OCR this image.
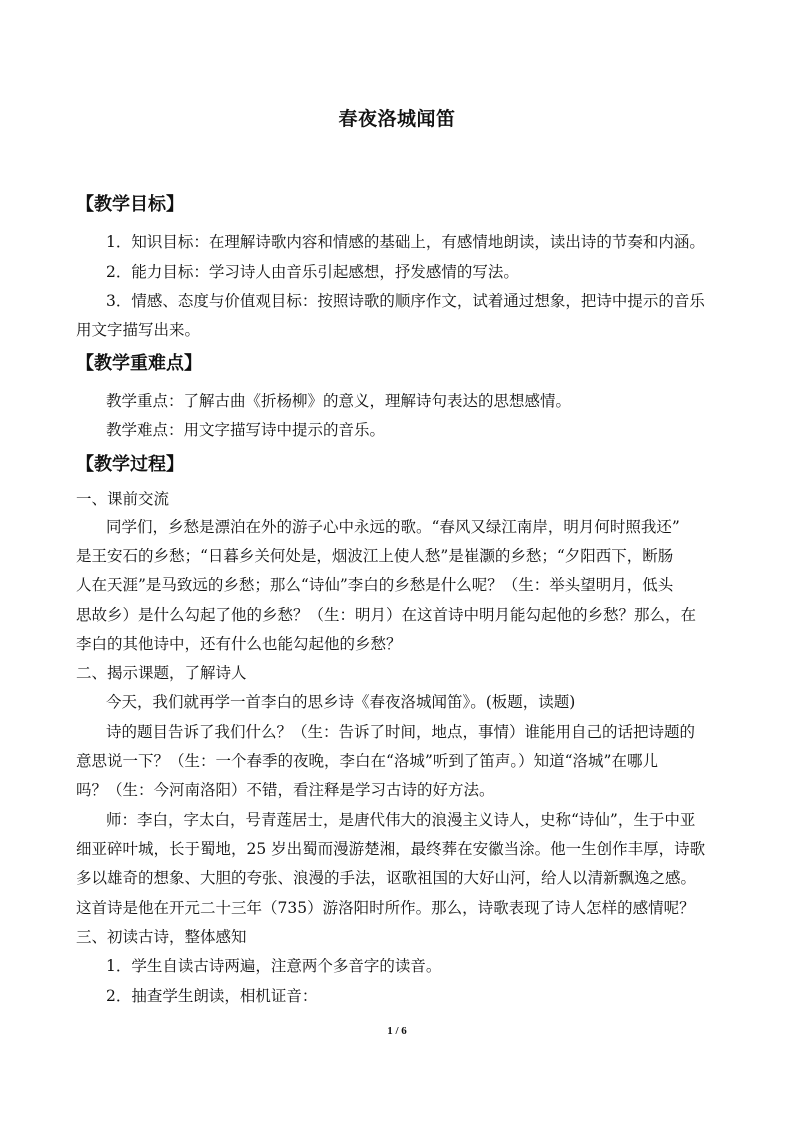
春夜洛城闻笛
【教学目标】
1．知识目标：在理解诗歌内容和情感的基础上，有感情地朗读，读出诗的节奏和内涵。
2．能力目标：学习诗人由音乐引起感想，抒发感情的写法。
3．情感、态度与价值观目标：按照诗歌的顺序作文，试着通过想象，把诗中提示的音乐
用文字描写出来。
【教学重难点】
教学重点：了解古曲《折杨柳》的意义，理解诗句表达的思想感情。
教学难点：用文字描写诗中提示的音乐。
【教学过程】
一、课前交流
同学们，乡愁是漂泊在外的游子心中永远的歌。“春风又绿江南岸，明月何时照我还”
是王安石的乡愁；“日暮乡关何处是，烟波江上使人愁”是崔灏的乡愁；“夕阳西下，断肠
人在天涯”是马致远的乡愁；那么“诗仙”李白的乡愁是什么呢？（生：举头望明月，低头
思故乡）是什么勾起了他的乡愁？（生：明月）在这首诗中明月能勾起他的乡愁？那么，在
李白的其他诗中，还有什么也能勾起他的乡愁？
二、揭示课题，了解诗人
今天，我们就再学一首李白的思乡诗《春夜洛城闻笛》。(板题，读题)
诗的题目告诉了我们什么？（生：告诉了时间，地点，事情）谁能用自己的话把诗题的
意思说一下？（生：一个春季的夜晚，李白在“洛城”听到了笛声。）知道“洛城”在哪儿
吗？（生：今河南洛阳）不错，看注释是学习古诗的好方法。
师：李白，字太白，号青莲居士，是唐代伟大的浪漫主义诗人，史称“诗仙”，生于中亚
细亚碎叶城，长于蜀地，25 岁出蜀而漫游楚湘，最终葬在安徽当涂。他一生创作丰厚，诗歌
多以雄奇的想象、大胆的夸张、浪漫的手法，讴歌祖国的大好山河，给人以清新飘逸之感。
这首诗是他在开元二十三年（735）游洛阳时所作。那么，诗歌表现了诗人怎样的感情呢？
三、初读古诗，整体感知
1．学生自读古诗两遍，注意两个多音字的读音。
2．抽查学生朗读，相机证音：
1 / 6
